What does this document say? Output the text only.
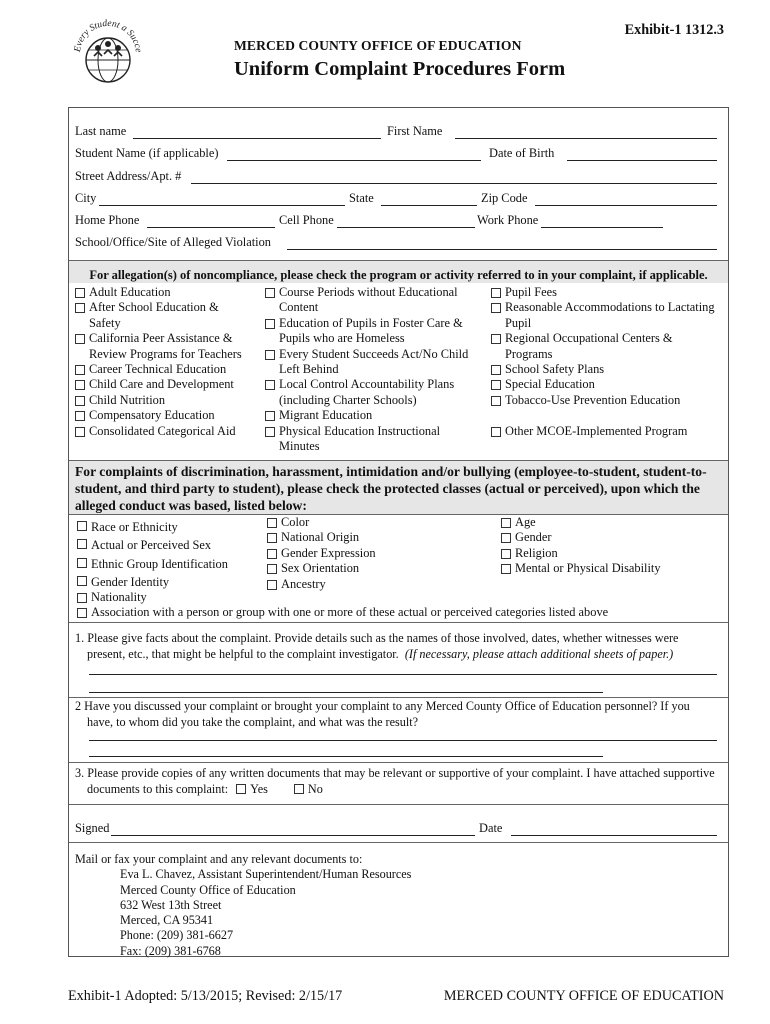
Every Student a Succe
Exhibit-1 1312.3
MERCED COUNTY OFFICE OF EDUCATION
Uniform Complaint Procedures Form
Last name	First Name
Student Name (if applicable)	Date of Birth
Street Address/Apt. #
City	State	Zip Code
Home Phone	Cell Phone	Work Phone
School/Office/Site of Alleged Violation
For allegation(s) of noncompliance, please check the program or activity referred to in your complaint, if applicable.
Adult Education
After School Education &
Safety
California Peer Assistance &
Review Programs for Teachers
Career Technical Education
Child Care and Development
Child Nutrition
Compensatory Education
Consolidated Categorical Aid
Course Periods without Educational
Content
Education of Pupils in Foster Care &
Pupils who are Homeless
Every Student Succeeds Act/No Child
Left Behind
Local Control Accountability Plans
(including Charter Schools)
Migrant Education
Physical Education Instructional
Minutes
Pupil Fees
Reasonable Accommodations to Lactating
Pupil
Regional Occupational Centers &
Programs
School Safety Plans
Special Education
Tobacco-Use Prevention Education
Other MCOE-Implemented Program
For complaints of discrimination, harassment, intimidation and/or bullying (employee-to-student, student-to-student, and third party to student), please check the protected classes (actual or perceived), upon which the alleged conduct was based, listed below:
Race or Ethnicity
Actual or Perceived Sex
Ethnic Group Identification
Gender Identity
Color
National Origin
Gender Expression
Sex Orientation
Ancestry
Age
Gender
Religion
Mental or Physical Disability
Nationality
Association with a person or group with one or more of these actual or perceived categories listed above
1. Please give facts about the complaint. Provide details such as the names of those involved, dates, whether witnesses were present, etc., that might be helpful to the complaint investigator. (If necessary, please attach additional sheets of paper.)
2 Have you discussed your complaint or brought your complaint to any Merced County Office of Education personnel? If you have, to whom did you take the complaint, and what was the result?
3. Please provide copies of any written documents that may be relevant or supportive of your complaint. I have attached supportive documents to this complaint: Yes	No
Signed	Date
Mail or fax your complaint and any relevant documents to:
Eva L. Chavez, Assistant Superintendent/Human Resources
Merced County Office of Education
632 West 13th Street
Merced, CA 95341
Phone: (209) 381-6627
Fax: (209) 381-6768
Exhibit-1 Adopted: 5/13/2015; Revised: 2/15/17	MERCED COUNTY OFFICE OF EDUCATION
